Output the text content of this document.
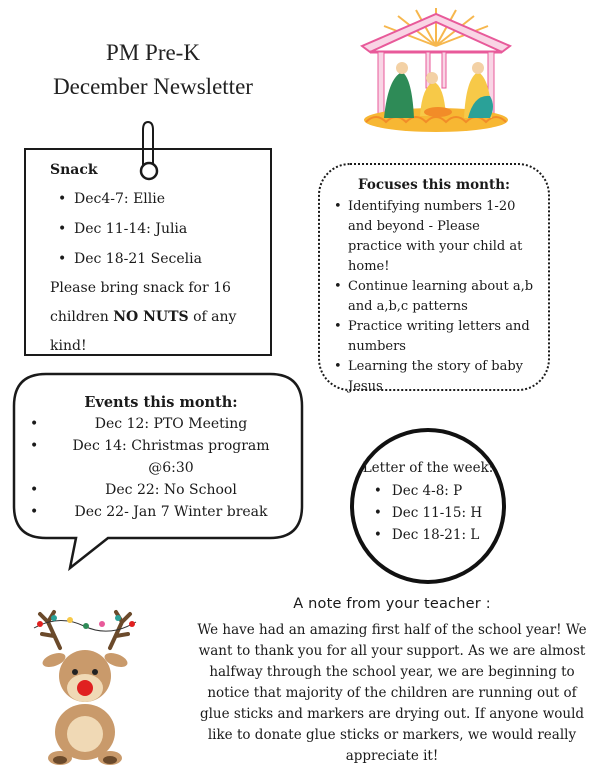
PM Pre-K
December Newsletter
Snack
• Dec4-7: Ellie
• Dec 11-14: Julia
• Dec 18-21 Secelia

Please bring snack for 16

children NO NUTS of any

kind!

Focuses this month:
• Identifying numbers 1-20 and beyond - Please practice with your child at home!
• Continue learning about a,b and a,b,c patterns
• Practice writing letters and numbers
• Learning the story of baby Jesus
Events this month:
• Dec 12: PTO Meeting
• Dec 14: Christmas program @6:30
• Dec 22: No School
• Dec 22- Jan 7 Winter break
Letter of the week:
• Dec 4-8: P
• Dec 11-15: H
• Dec 18-21: L
A note from your teacher :
We have had an amazing first half of the school year! We want to thank you for all your support. As we are almost halfway through the school year, we are beginning to notice that majority of the children are running out of glue sticks and markers are drying out. If anyone would like to donate glue sticks or markers, we would really appreciate it!
